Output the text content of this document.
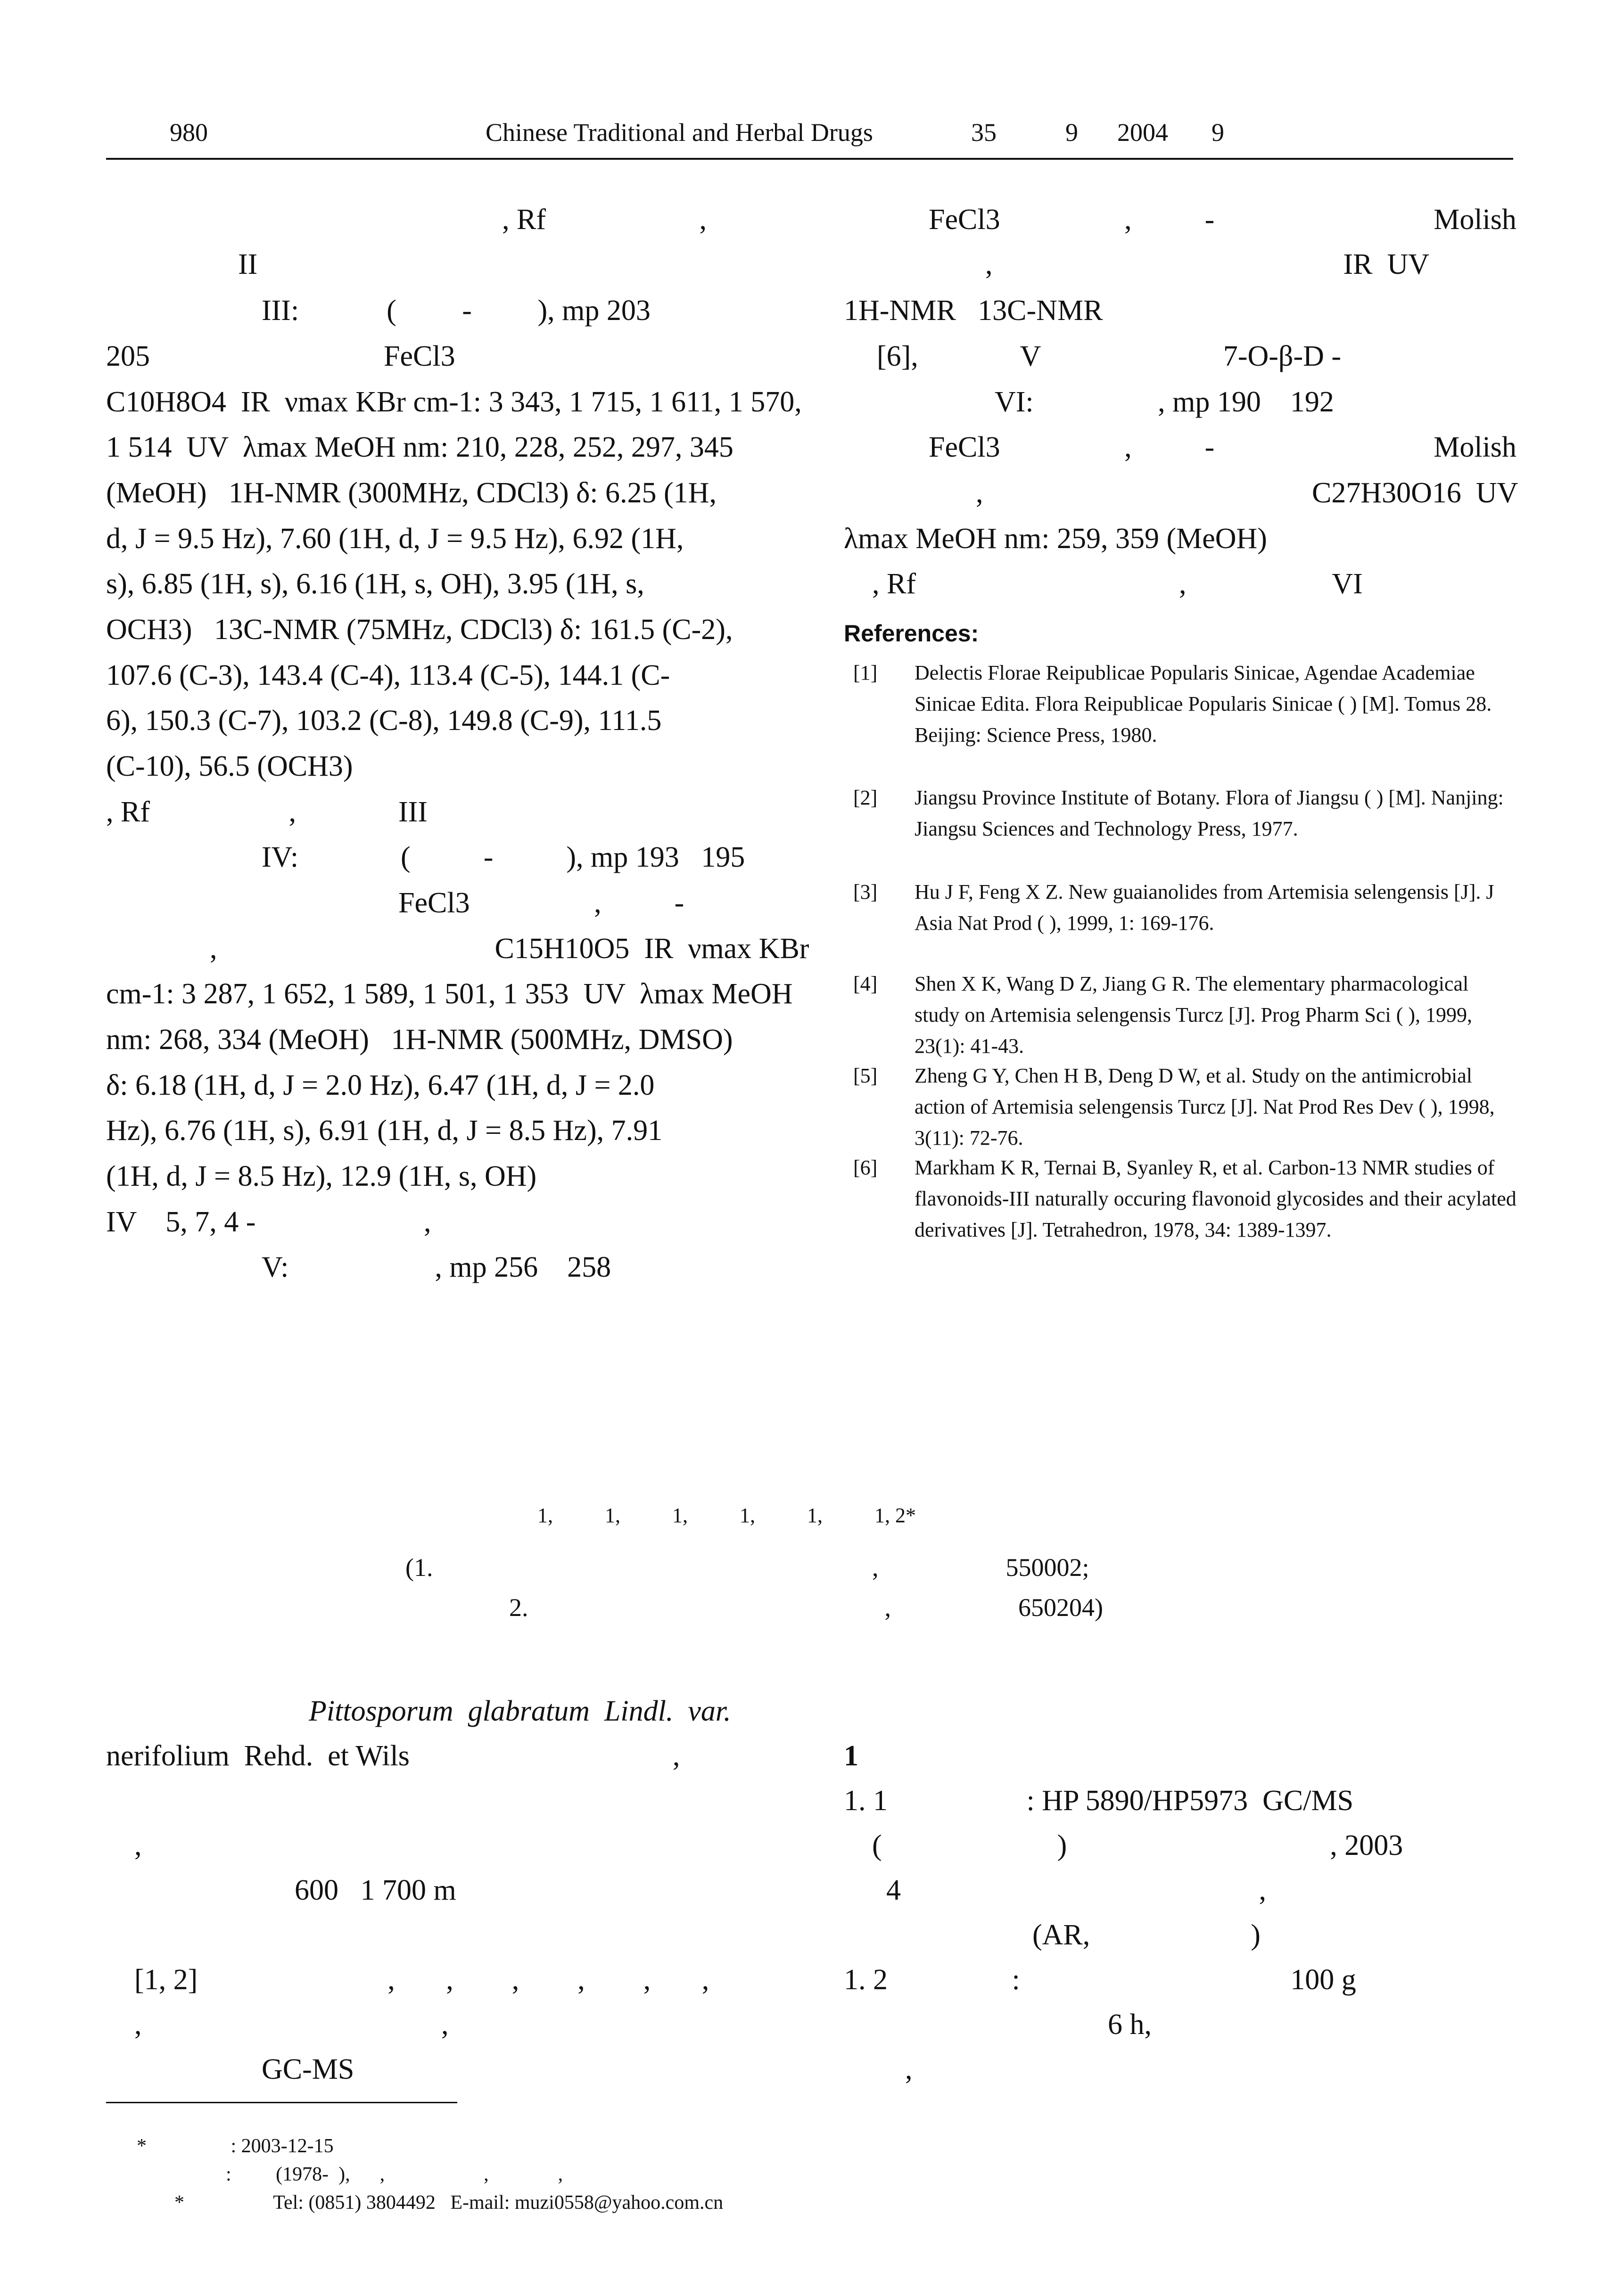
980	Chinese Traditional and Herbal Drugs	35	9 2004 9
, Rf                     ,
II
III:            (         -         ), mp 203
205                                FeCl3
C10H8O4  IR  νmax KBr cm-1: 3 343, 1 715, 1 611, 1 570,
1 514  UV  λmax MeOH nm: 210, 228, 252, 297, 345
(MeOH)   1H-NMR (300MHz, CDCl3) δ: 6.25 (1H,
d, J = 9.5 Hz), 7.60 (1H, d, J = 9.5 Hz), 6.92 (1H,
s), 6.85 (1H, s), 6.16 (1H, s, OH), 3.95 (1H, s,
OCH3)   13C-NMR (75MHz, CDCl3) δ: 161.5 (C-2),
107.6 (C-3), 143.4 (C-4), 113.4 (C-5), 144.1 (C-
6), 150.3 (C-7), 103.2 (C-8), 149.8 (C-9), 111.5
(C-10), 56.5 (OCH3)
, Rf                   ,              III
IV:              (          -          ), mp 193   195
FeCl3                 ,          -
,                                      C15H10O5  IR  νmax KBr
cm-1: 3 287, 1 652, 1 589, 1 501, 1 353  UV  λmax MeOH
nm: 268, 334 (MeOH)   1H-NMR (500MHz, DMSO)
δ: 6.18 (1H, d, J = 2.0 Hz), 6.47 (1H, d, J = 2.0
Hz), 6.76 (1H, s), 6.91 (1H, d, J = 8.5 Hz), 7.91
(1H, d, J = 8.5 Hz), 12.9 (1H, s, OH)
IV    5, 7, 4 -                       ,
V:                    , mp 256    258
FeCl3                 ,          -                              Molish
,                                                IR  UV
1H-NMR   13C-NMR
[6],              V                         7-O-β-D -
VI:                 , mp 190    192
FeCl3                 ,          -                              Molish
,                                             C27H30O16  UV
λmax MeOH nm: 259, 359 (MeOH)
, Rf                                    ,                    VI
References:
[1] Delectis Florae Reipublicae Popularis Sinicae, Agendae Academiae Sinicae Edita. Flora Reipublicae Popularis Sinicae ( ) [M]. Tomus 28. Beijing: Science Press, 1980.
[2] Jiangsu Province Institute of Botany. Flora of Jiangsu ( ) [M]. Nanjing: Jiangsu Sciences and Technology Press, 1977.
[3] Hu J F, Feng X Z. New guaianolides from Artemisia selengensis [J]. J Asia Nat Prod ( ), 1999, 1: 169-176.
[4] Shen X K, Wang D Z, Jiang G R. The elementary pharmacological study on Artemisia selengensis Turcz [J]. Prog Pharm Sci ( ), 1999, 23(1): 41-43.
[5] Zheng G Y, Chen H B, Deng D W, et al. Study on the antimicrobial action of Artemisia selengensis Turcz [J]. Nat Prod Res Dev ( ), 1998, 3(11): 72-76.
[6] Markham K R, Ternai B, Syanley R, et al. Carbon-13 NMR studies of flavonoids-III naturally occuring flavonoid glycosides and their acylated derivatives [J]. Tetrahedron, 1978, 34: 1389-1397.
1,          1,          1,          1,          1,          1, 2*
(1.                                                                     ,                    550002;
2.                                                        ,                    650204)
Pittosporum  glabratum  Lindl.  var.
nerifolium  Rehd.  et Wils                                    ,
,
600   1 700 m
[1, 2]                          ,       ,        ,        ,        ,       ,
,                                         ,
GC-MS
1
1. 1                   : HP 5890/HP5973  GC/MS
(                        )                                    , 2003
4                                                 ,
(AR,                      )
1. 2                 :                                     100 g
6 h,
,
*                 : 2003-12-15
:         (1978-  ),      ,                    ,              ,
*                  Tel: (0851) 3804492   E-mail: muzi0558@yahoo.com.cn
